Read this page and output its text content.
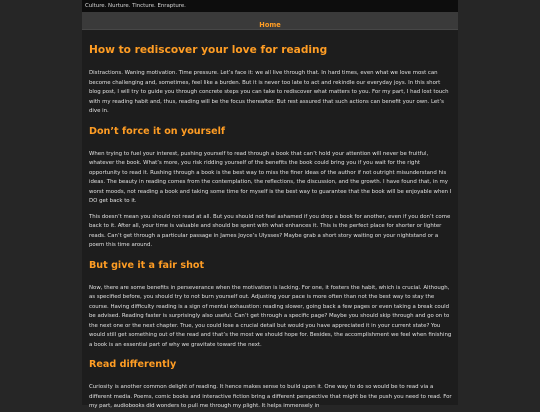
Culture. Nurture. Tincture. Enrapture.
Home
How to rediscover your love for reading

Distractions. Waning motivation. Time pressure. Let’s face it: we all live through that. In hard times, even what we love most can become challenging and, sometimes, feel like a burden. But it is never too late to act and rekindle our everyday joys. In this short blog post, I will try to guide you through concrete steps you can take to rediscover what matters to you. For my part, I had lost touch with my reading habit and, thus, reading will be the focus thereafter. But rest assured that such actions can benefit your own. Let’s dive in.

Don’t force it on yourself

When trying to fuel your interest, pushing yourself to read through a book that can’t hold your attention will never be fruitful, whatever the book. What’s more, you risk ridding yourself of the benefits the book could bring you if you wait for the right opportunity to read it. Rushing through a book is the best way to miss the finer ideas of the author if not outright misunderstand his ideas. The beauty in reading comes from the contemplation, the reflections, the discussion, and the growth. I have found that, in my worst moods, not reading a book and taking some time for myself is the best way to guarantee that the book will be enjoyable when I DO get back to it.

This doesn’t mean you should not read at all. But you should not feel ashamed if you drop a book for another, even if you don’t come back to it. After all, your time is valuable and should be spent with what enhances it. This is the perfect place for shorter or lighter reads. Can’t get through a particular passage in James Joyce’s Ulysses? Maybe grab a short story waiting on your nightstand or a poem this time around.

But give it a fair shot

Now, there are some benefits in perseverance when the motivation is lacking. For one, it fosters the habit, which is crucial. Although, as specified before, you should try to not burn yourself out. Adjusting your pace is more often than not the best way to stay the course. Having difficulty reading is a sign of mental exhaustion: reading slower, going back a few pages or even taking a break could be advised. Reading faster is surprisingly also useful. Can’t get through a specific page? Maybe you should skip through and go on to the next one or the next chapter. True, you could lose a crucial detail but would you have appreciated it in your current state? You would still get something out of the read and that’s the most we should hope for. Besides, the accomplishment we feel when finishing a book is an essential part of why we gravitate toward the next.

Read differently

Curiosity is another common delight of reading. It hence makes sense to build upon it. One way to do so would be to read via a different media. Poems, comic books and interactive fiction bring a different perspective that might be the push you need to read. For my part, audiobooks did wonders to pull me through my plight. It helps immensely in
